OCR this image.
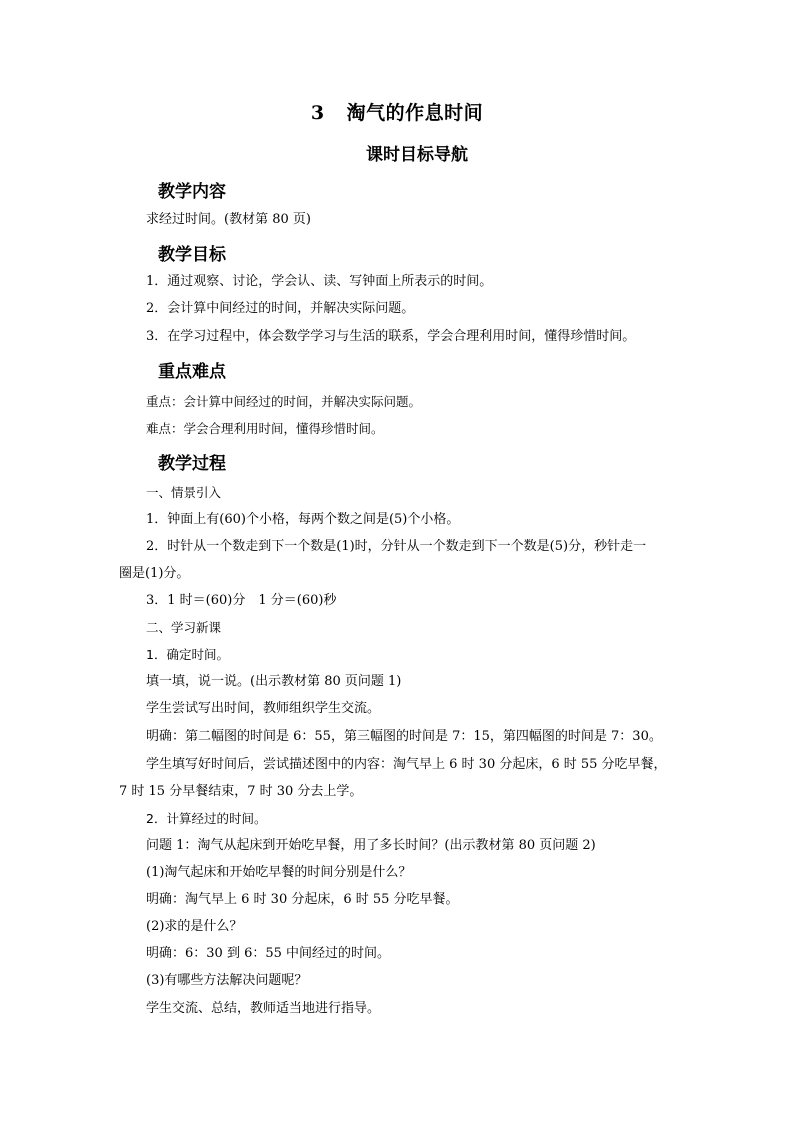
3 淘气的作息时间
课时目标导航
教学内容
求经过时间。(教材第 80 页)
教学目标
1．通过观察、讨论，学会认、读、写钟面上所表示的时间。
2．会计算中间经过的时间，并解决实际问题。
3．在学习过程中，体会数学学习与生活的联系，学会合理利用时间，懂得珍惜时间。
重点难点
重点：会计算中间经过的时间，并解决实际问题。
难点：学会合理利用时间，懂得珍惜时间。
教学过程
一、情景引入
1．钟面上有(60)个小格，每两个数之间是(5)个小格。
2．时针从一个数走到下一个数是(1)时，分针从一个数走到下一个数是(5)分，秒针走一
圈是(1)分。
3．1 时＝(60)分　1 分＝(60)秒
二、学习新课
1．确定时间。
填一填，说一说。(出示教材第 80 页问题 1)
学生尝试写出时间，教师组织学生交流。
明确：第二幅图的时间是 6：55，第三幅图的时间是 7：15，第四幅图的时间是 7：30。
学生填写好时间后，尝试描述图中的内容：淘气早上 6 时 30 分起床，6 时 55 分吃早餐，
7 时 15 分早餐结束，7 时 30 分去上学。
2．计算经过的时间。
问题 1：淘气从起床到开始吃早餐，用了多长时间？(出示教材第 80 页问题 2)
(1)淘气起床和开始吃早餐的时间分别是什么？
明确：淘气早上 6 时 30 分起床，6 时 55 分吃早餐。
(2)求的是什么？
明确：6：30 到 6：55 中间经过的时间。
(3)有哪些方法解决问题呢？
学生交流、总结，教师适当地进行指导。
